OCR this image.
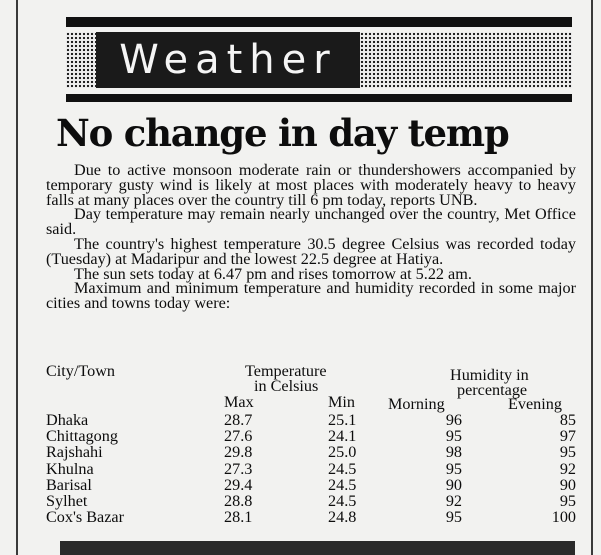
Weather
No change in day temp

Due to active monsoon moderate rain or thundershowers accompanied by temporary gusty wind is likely at most places with moderately heavy to heavy falls at many places over the country till 6 pm today, reports UNB.

Day temperature may remain nearly unchanged over the country, Met Office said.

The country's highest temperature 30.5 degree Celsius was recorded today (Tuesday) at Madaripur and the lowest 22.5 degree at Hatiya.

The sun sets today at 6.47 pm and rises tomorrow at 5.22 am.

Maximum and minimum temperature and humidity recorded in some major cities and towns today were:

City/Town	Temperature
in Celsius
Humidity in
percentage
Max	Min Morning	Evening
Dhaka	28.7	25.1	96	85
Chittagong	27.6	24.1	95	97
Rajshahi	29.8	25.0	98	95
Khulna	27.3	24.5	95	92
Barisal	29.4	24.5	90	90
Sylhet	28.8	24.5	92	95
Cox's Bazar	28.1	24.8	95	100
